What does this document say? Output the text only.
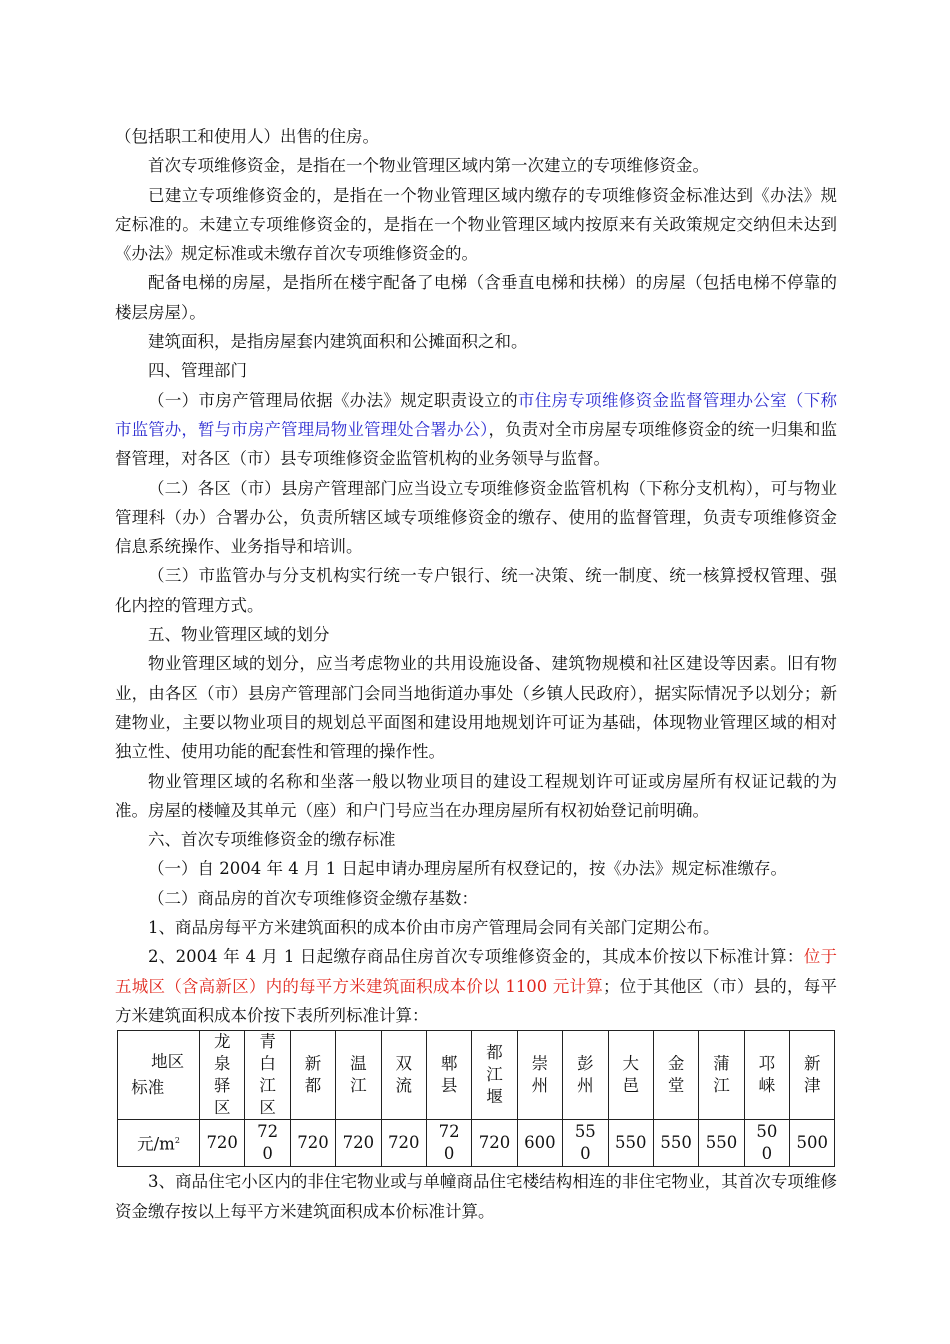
（包括职工和使用人）出售的住房。

首次专项维修资金，是指在一个物业管理区域内第一次建立的专项维修资金。

已建立专项维修资金的，是指在一个物业管理区域内缴存的专项维修资金标准达到《办法》规定标准的。未建立专项维修资金的，是指在一个物业管理区域内按原来有关政策规定交纳但未达到《办法》规定标准或未缴存首次专项维修资金的。

配备电梯的房屋，是指所在楼宇配备了电梯（含垂直电梯和扶梯）的房屋（包括电梯不停靠的楼层房屋）。

建筑面积，是指房屋套内建筑面积和公摊面积之和。

四、管理部门

（一）市房产管理局依据《办法》规定职责设立的市住房专项维修资金监督管理办公室（下称市监管办，暂与市房产管理局物业管理处合署办公），负责对全市房屋专项维修资金的统一归集和监督管理，对各区（市）县专项维修资金监管机构的业务领导与监督。

（二）各区（市）县房产管理部门应当设立专项维修资金监管机构（下称分支机构），可与物业管理科（办）合署办公，负责所辖区域专项维修资金的缴存、使用的监督管理，负责专项维修资金信息系统操作、业务指导和培训。

（三）市监管办与分支机构实行统一专户银行、统一决策、统一制度、统一核算授权管理、强化内控的管理方式。

五、物业管理区域的划分

物业管理区域的划分，应当考虑物业的共用设施设备、建筑物规模和社区建设等因素。旧有物业，由各区（市）县房产管理部门会同当地街道办事处（乡镇人民政府），据实际情况予以划分；新建物业，主要以物业项目的规划总平面图和建设用地规划许可证为基础，体现物业管理区域的相对独立性、使用功能的配套性和管理的操作性。

物业管理区域的名称和坐落一般以物业项目的建设工程规划许可证或房屋所有权证记载的为准。房屋的楼幢及其单元（座）和户门号应当在办理房屋所有权初始登记前明确。

六、首次专项维修资金的缴存标准

（一）自 2004 年 4 月 1 日起申请办理房屋所有权登记的，按《办法》规定标准缴存。

（二）商品房的首次专项维修资金缴存基数：

1、商品房每平方米建筑面积的成本价由市房产管理局会同有关部门定期公布。

2、2004 年 4 月 1 日起缴存商品住房首次专项维修资金的，其成本价按以下标准计算：位于五城区（含高新区）内的每平方米建筑面积成本价以 1100 元计算；位于其他区（市）县的，每平方米建筑面积成本价按下表所列标准计算：

地区
标准	龙泉驿区	青白江区	新都	温江	双流	郫县	都江堰	崇州	彭州	大邑	金堂	蒲江	邛崃	新津
元$/m^2$	720	720	720	720	720	720	720	600	550	550	550	550	500	500

3、商品住宅小区内的非住宅物业或与单幢商品住宅楼结构相连的非住宅物业，其首次专项维修资金缴存按以上每平方米建筑面积成本价标准计算。
